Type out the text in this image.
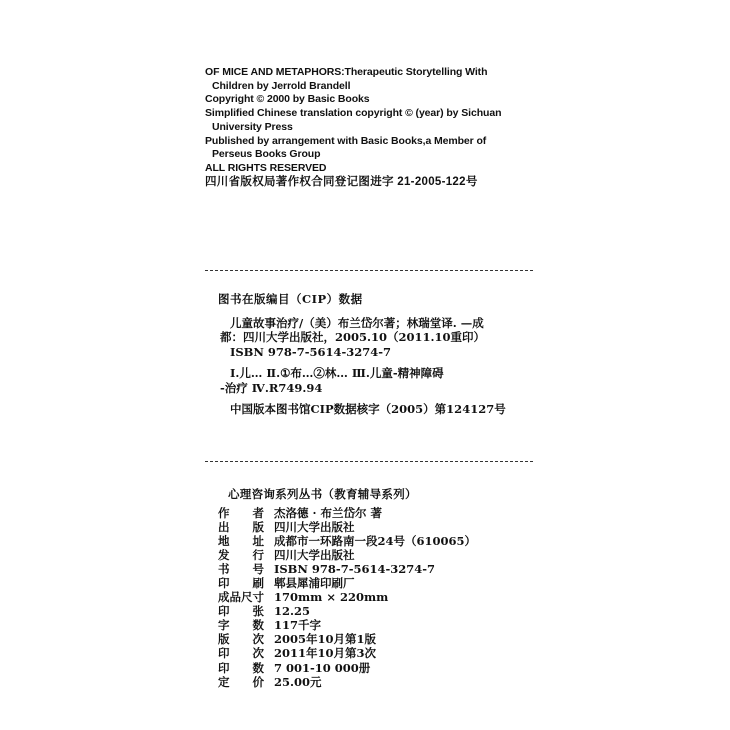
OF MICE AND METAPHORS:Therapeutic Storytelling With
Children by Jerrold Brandell
Copyright © 2000 by Basic Books
Simplified Chinese translation copyright © (year) by Sichuan
University Press
Published by arrangement with Basic Books,a Member of
Perseus Books Group
ALL RIGHTS RESERVED
四川省版权局著作权合同登记图进字 21-2005-122号
图书在版编目（CIP）数据
儿童故事治疗/（美）布兰岱尔著；林瑞堂译. —成
都：四川大学出版社，2005.10（2011.10重印）
ISBN 978-7-5614-3274-7
Ⅰ.儿… Ⅱ.①布…②林… Ⅲ.儿童-精神障碍
-治疗 Ⅳ.R749.94
中国版本图书馆CIP数据核字（2005）第124127号
心理咨询系列丛书（教育辅导系列）
作 者 杰洛德 · 布兰岱尔 著
出 版 四川大学出版社
地 址 成都市一环路南一段24号（610065）
发 行 四川大学出版社
书 号 ISBN 978-7-5614-3274-7
印 刷 郫县犀浦印刷厂
成品尺寸 170mm × 220mm
印 张 12.25
字 数 117千字
版 次 2005年10月第1版
印 次 2011年10月第3次
印 数 7 001-10 000册
定 价 25.00元
